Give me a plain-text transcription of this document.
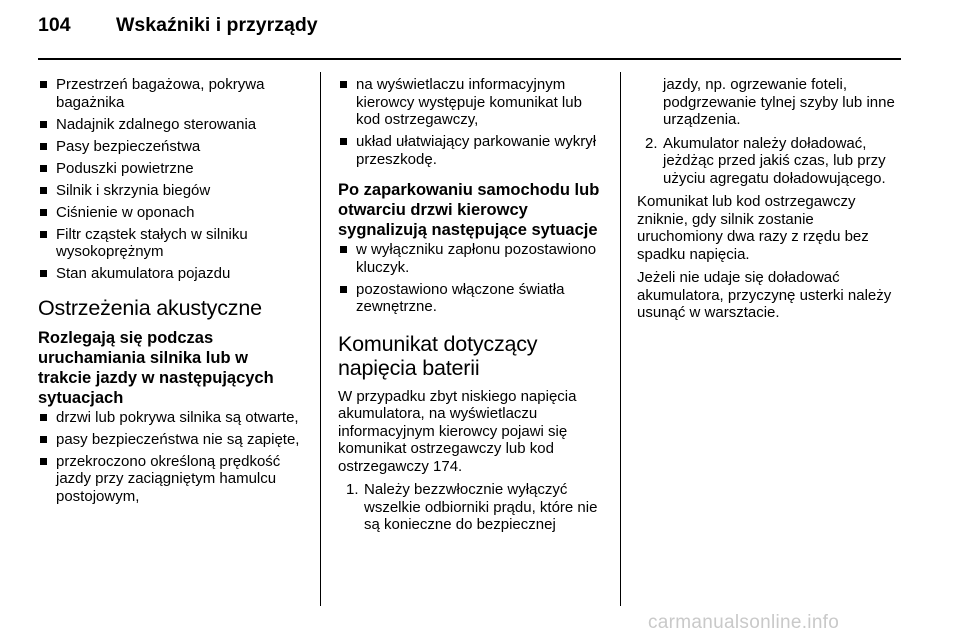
104	Wskaźniki i przyrządy
Przestrzeń bagażowa, pokrywa bagażnika
Nadajnik zdalnego sterowania
Pasy bezpieczeństwa
Poduszki powietrzne
Silnik i skrzynia biegów
Ciśnienie w oponach
Filtr cząstek stałych w silniku wysokoprężnym
Stan akumulatora pojazdu
Ostrzeżenia akustyczne
Rozlegają się podczas uruchamiania silnika lub w trakcie jazdy w następujących sytuacjach
drzwi lub pokrywa silnika są otwarte,
pasy bezpieczeństwa nie są zapięte,
przekroczono określoną prędkość jazdy przy zaciągniętym hamulcu postojowym,
na wyświetlaczu informacyjnym kierowcy występuje komunikat lub kod ostrzegawczy,
układ ułatwiający parkowanie wykrył przeszkodę.
Po zaparkowaniu samochodu lub otwarciu drzwi kierowcy sygnalizują następujące sytuacje
w wyłączniku zapłonu pozostawiono kluczyk.
pozostawiono włączone światła zewnętrzne.
Komunikat dotyczący napięcia baterii
W przypadku zbyt niskiego napięcia akumulatora, na wyświetlaczu informacyjnym kierowcy pojawi się komunikat ostrzegawczy lub kod ostrzegawczy 174.
1. Należy bezzwłocznie wyłączyć wszelkie odbiorniki prądu, które nie są konieczne do bezpiecznej
jazdy, np. ogrzewanie foteli, podgrzewanie tylnej szyby lub inne urządzenia.
2. Akumulator należy doładować, jeżdżąc przed jakiś czas, lub przy użyciu agregatu doładowującego.
Komunikat lub kod ostrzegawczy zniknie, gdy silnik zostanie uruchomiony dwa razy z rzędu bez spadku napięcia.
Jeżeli nie udaje się doładować akumulatora, przyczynę usterki należy usunąć w warsztacie.
carmanualsonline.info
